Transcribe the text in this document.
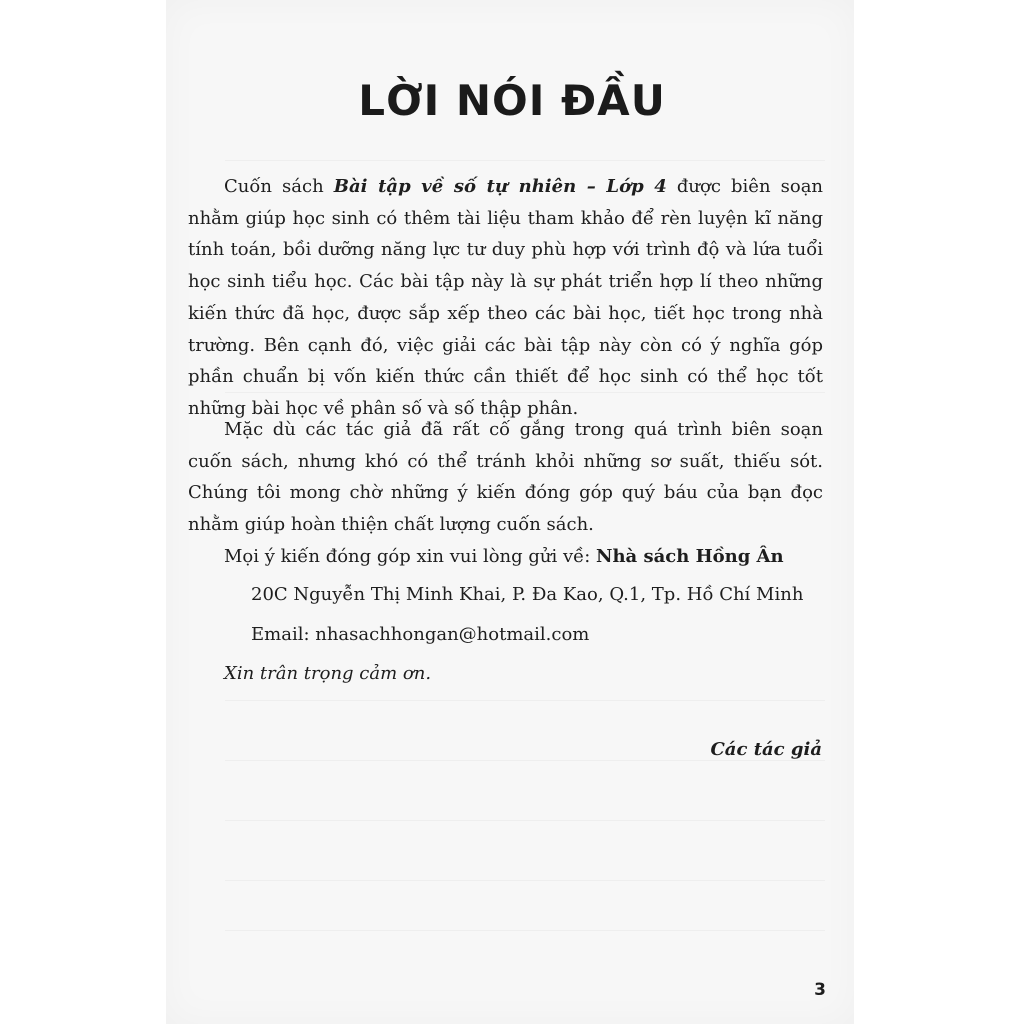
LỜI NÓI ĐẦU

Cuốn sách Bài tập về số tự nhiên – Lớp 4 được biên soạn nhằm giúp học sinh có thêm tài liệu tham khảo để rèn luyện kĩ năng tính toán, bồi dưỡng năng lực tư duy phù hợp với trình độ và lứa tuổi học sinh tiểu học. Các bài tập này là sự phát triển hợp lí theo những kiến thức đã học, được sắp xếp theo các bài học, tiết học trong nhà trường. Bên cạnh đó, việc giải các bài tập này còn có ý nghĩa góp phần chuẩn bị vốn kiến thức cần thiết để học sinh có thể học tốt những bài học về phân số và số thập phân.

Mặc dù các tác giả đã rất cố gắng trong quá trình biên soạn cuốn sách, nhưng khó có thể tránh khỏi những sơ suất, thiếu sót. Chúng tôi mong chờ những ý kiến đóng góp quý báu của bạn đọc nhằm giúp hoàn thiện chất lượng cuốn sách.

Mọi ý kiến đóng góp xin vui lòng gửi về: Nhà sách Hồng Ân

20C Nguyễn Thị Minh Khai, P. Đa Kao, Q.1, Tp. Hồ Chí Minh

Email: nhasachhongan@hotmail.com

Xin trân trọng cảm ơn.

Các tác giả

3
